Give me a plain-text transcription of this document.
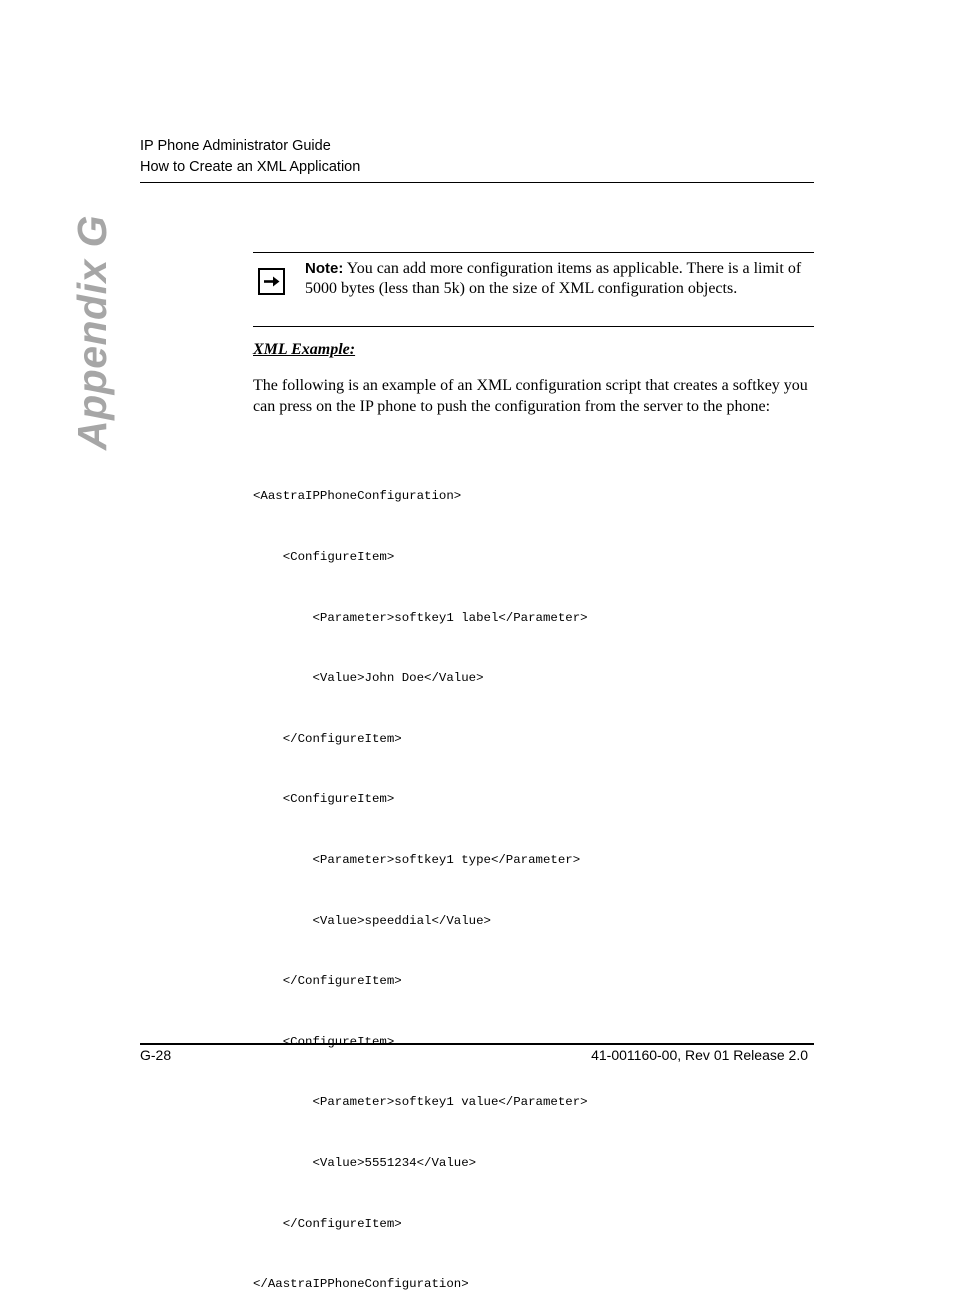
IP Phone Administrator Guide
How to Create an XML Application
Appendix G	Note: You can add more configuration items as applicable. There is a limit of 5000 bytes (less than 5k) on the size of XML configuration objects.
XML Example:
The following is an example of an XML configuration script that creates a softkey you can press on the IP phone to push the configuration from the server to the phone:

<AastraIPPhoneConfiguration>

<ConfigureItem>

<Parameter>softkey1 label</Parameter>

<Value>John Doe</Value>

</ConfigureItem>

<ConfigureItem>

<Parameter>softkey1 type</Parameter>

<Value>speeddial</Value>

</ConfigureItem>

<ConfigureItem>

<Parameter>softkey1 value</Parameter>

<Value>5551234</Value>

</ConfigureItem>

</AastraIPPhoneConfiguration>

G-28	41-001160-00, Rev 01 Release 2.0
